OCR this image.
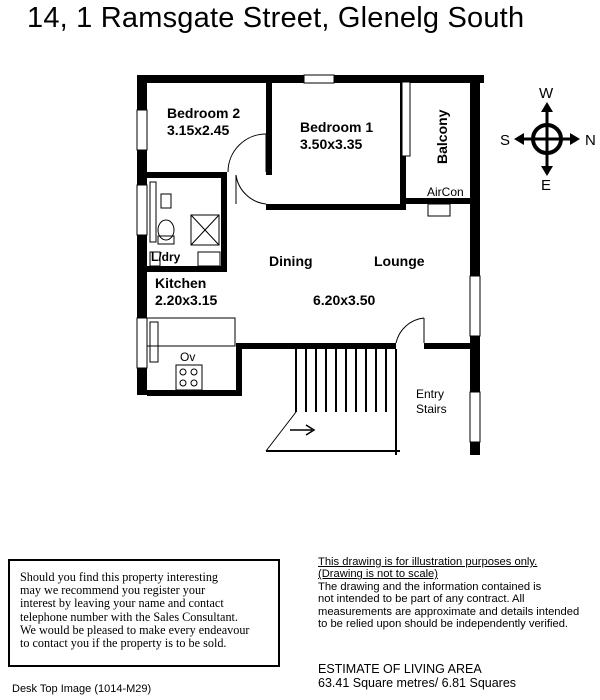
14, 1 Ramsgate Street, Glenelg South
Bedroom 2
3.15x2.45	Bedroom 1
3.50x3.35	Balcony
AirCon
L/dry
Kitchen
2.20x3.15
Dining	Lounge
6.20x3.50
Ov
Entry
Stairs
W
S	N
E
Should you find this property interesting
may we recommend you register your
interest by leaving your name and contact
telephone number with the Sales Consultant.
We would be pleased to make every endeavour
to contact you if the property is to be sold.
This drawing is for illustration purposes only.
(Drawing is not to scale)
The drawing and the information contained is
not intended to be part of any contract. All
measurements are approximate and details intended
to be relied upon should be independently verified.
ESTIMATE OF LIVING AREA
63.41 Square metres/ 6.81 Squares
Desk Top Image (1014-M29)
